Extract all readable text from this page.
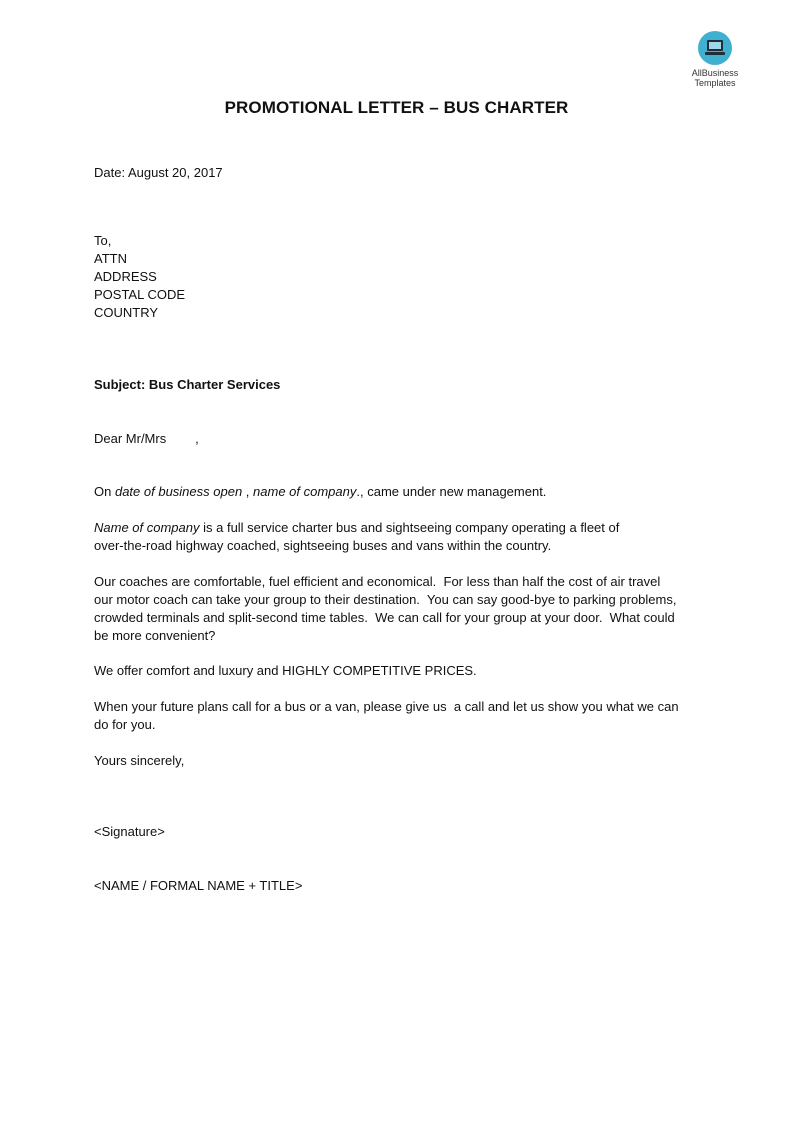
AllBusiness
Templates
PROMOTIONAL LETTER – BUS CHARTER
Date: August 20, 2017
To,
ATTN
ADDRESS
POSTAL CODE
COUNTRY
Subject: Bus Charter Services
Dear Mr/Mrs        ,
On date of business open , name of company., came under new management.
Name of company is a full service charter bus and sightseeing company operating a fleet of
over-the-road highway coached, sightseeing buses and vans within the country.
Our coaches are comfortable, fuel efficient and economical.  For less than half the cost of air travel
our motor coach can take your group to their destination.  You can say good-bye to parking problems,
crowded terminals and split-second time tables.  We can call for your group at your door.  What could
be more convenient?
We offer comfort and luxury and HIGHLY COMPETITIVE PRICES.
When your future plans call for a bus or a van, please give us  a call and let us show you what we can
do for you.
Yours sincerely,
<Signature>
<NAME / FORMAL NAME + TITLE>
